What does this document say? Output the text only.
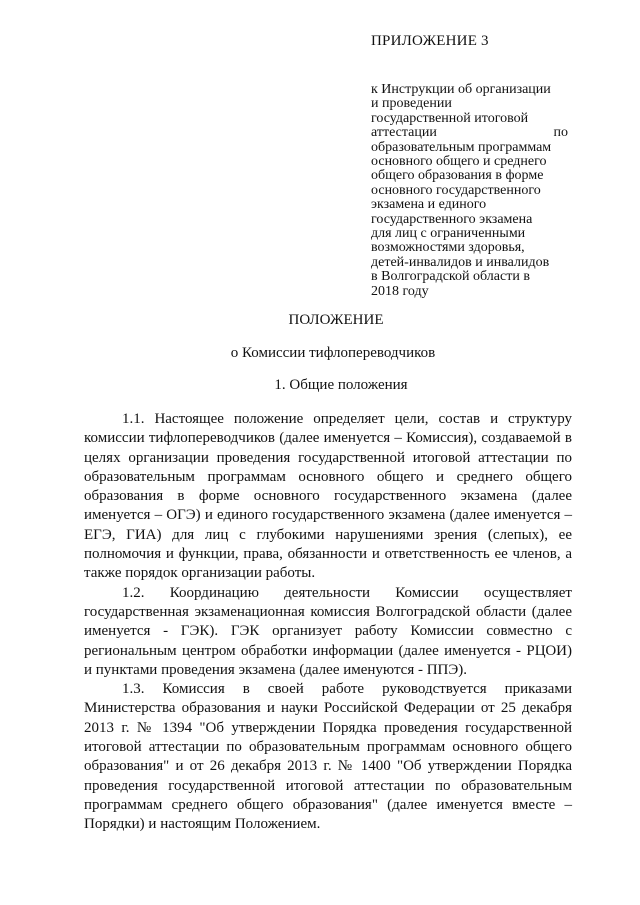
ПРИЛОЖЕНИЕ 3
к Инструкции об организации
и проведении
государственной итоговой
аттестации	по
образовательным программам
основного общего и среднего
общего образования в форме
основного государственного
экзамена и единого
государственного экзамена
для лиц с ограниченными
возможностями здоровья,
детей-инвалидов и инвалидов
в Волгоградской области в
2018 году
ПОЛОЖЕНИЕ
о Комиссии тифлопереводчиков
1. Общие положения

1.1. Настоящее положение определяет цели, состав и структуру комиссии тифлопереводчиков (далее именуется – Комиссия), создаваемой в целях организации проведения государственной итоговой аттестации по образовательным программам основного общего и среднего общего образования в форме основного государственного экзамена (далее именуется – ОГЭ) и единого государственного экзамена (далее именуется – ЕГЭ, ГИА) для лиц с глубокими нарушениями зрения (слепых), ее полномочия и функции, права, обязанности и ответственность ее членов, а также порядок организации работы.

1.2. Координацию деятельности Комиссии осуществляет государственная экзаменационная комиссия Волгоградской области (далее именуется - ГЭК). ГЭК организует работу Комиссии совместно с региональным центром обработки информации (далее именуется - РЦОИ) и пунктами проведения экзамена (далее именуются - ППЭ).

1.3. Комиссия в своей работе руководствуется приказами Министерства образования и науки Российской Федерации от 25 декабря 2013 г. № 1394 "Об утверждении Порядка проведения государственной итоговой аттестации по образовательным программам основного общего образования" и от 26 декабря 2013 г. № 1400 "Об утверждении Порядка проведения государственной итоговой аттестации по образовательным программам среднего общего образования" (далее именуется вместе – Порядки) и настоящим Положением.
